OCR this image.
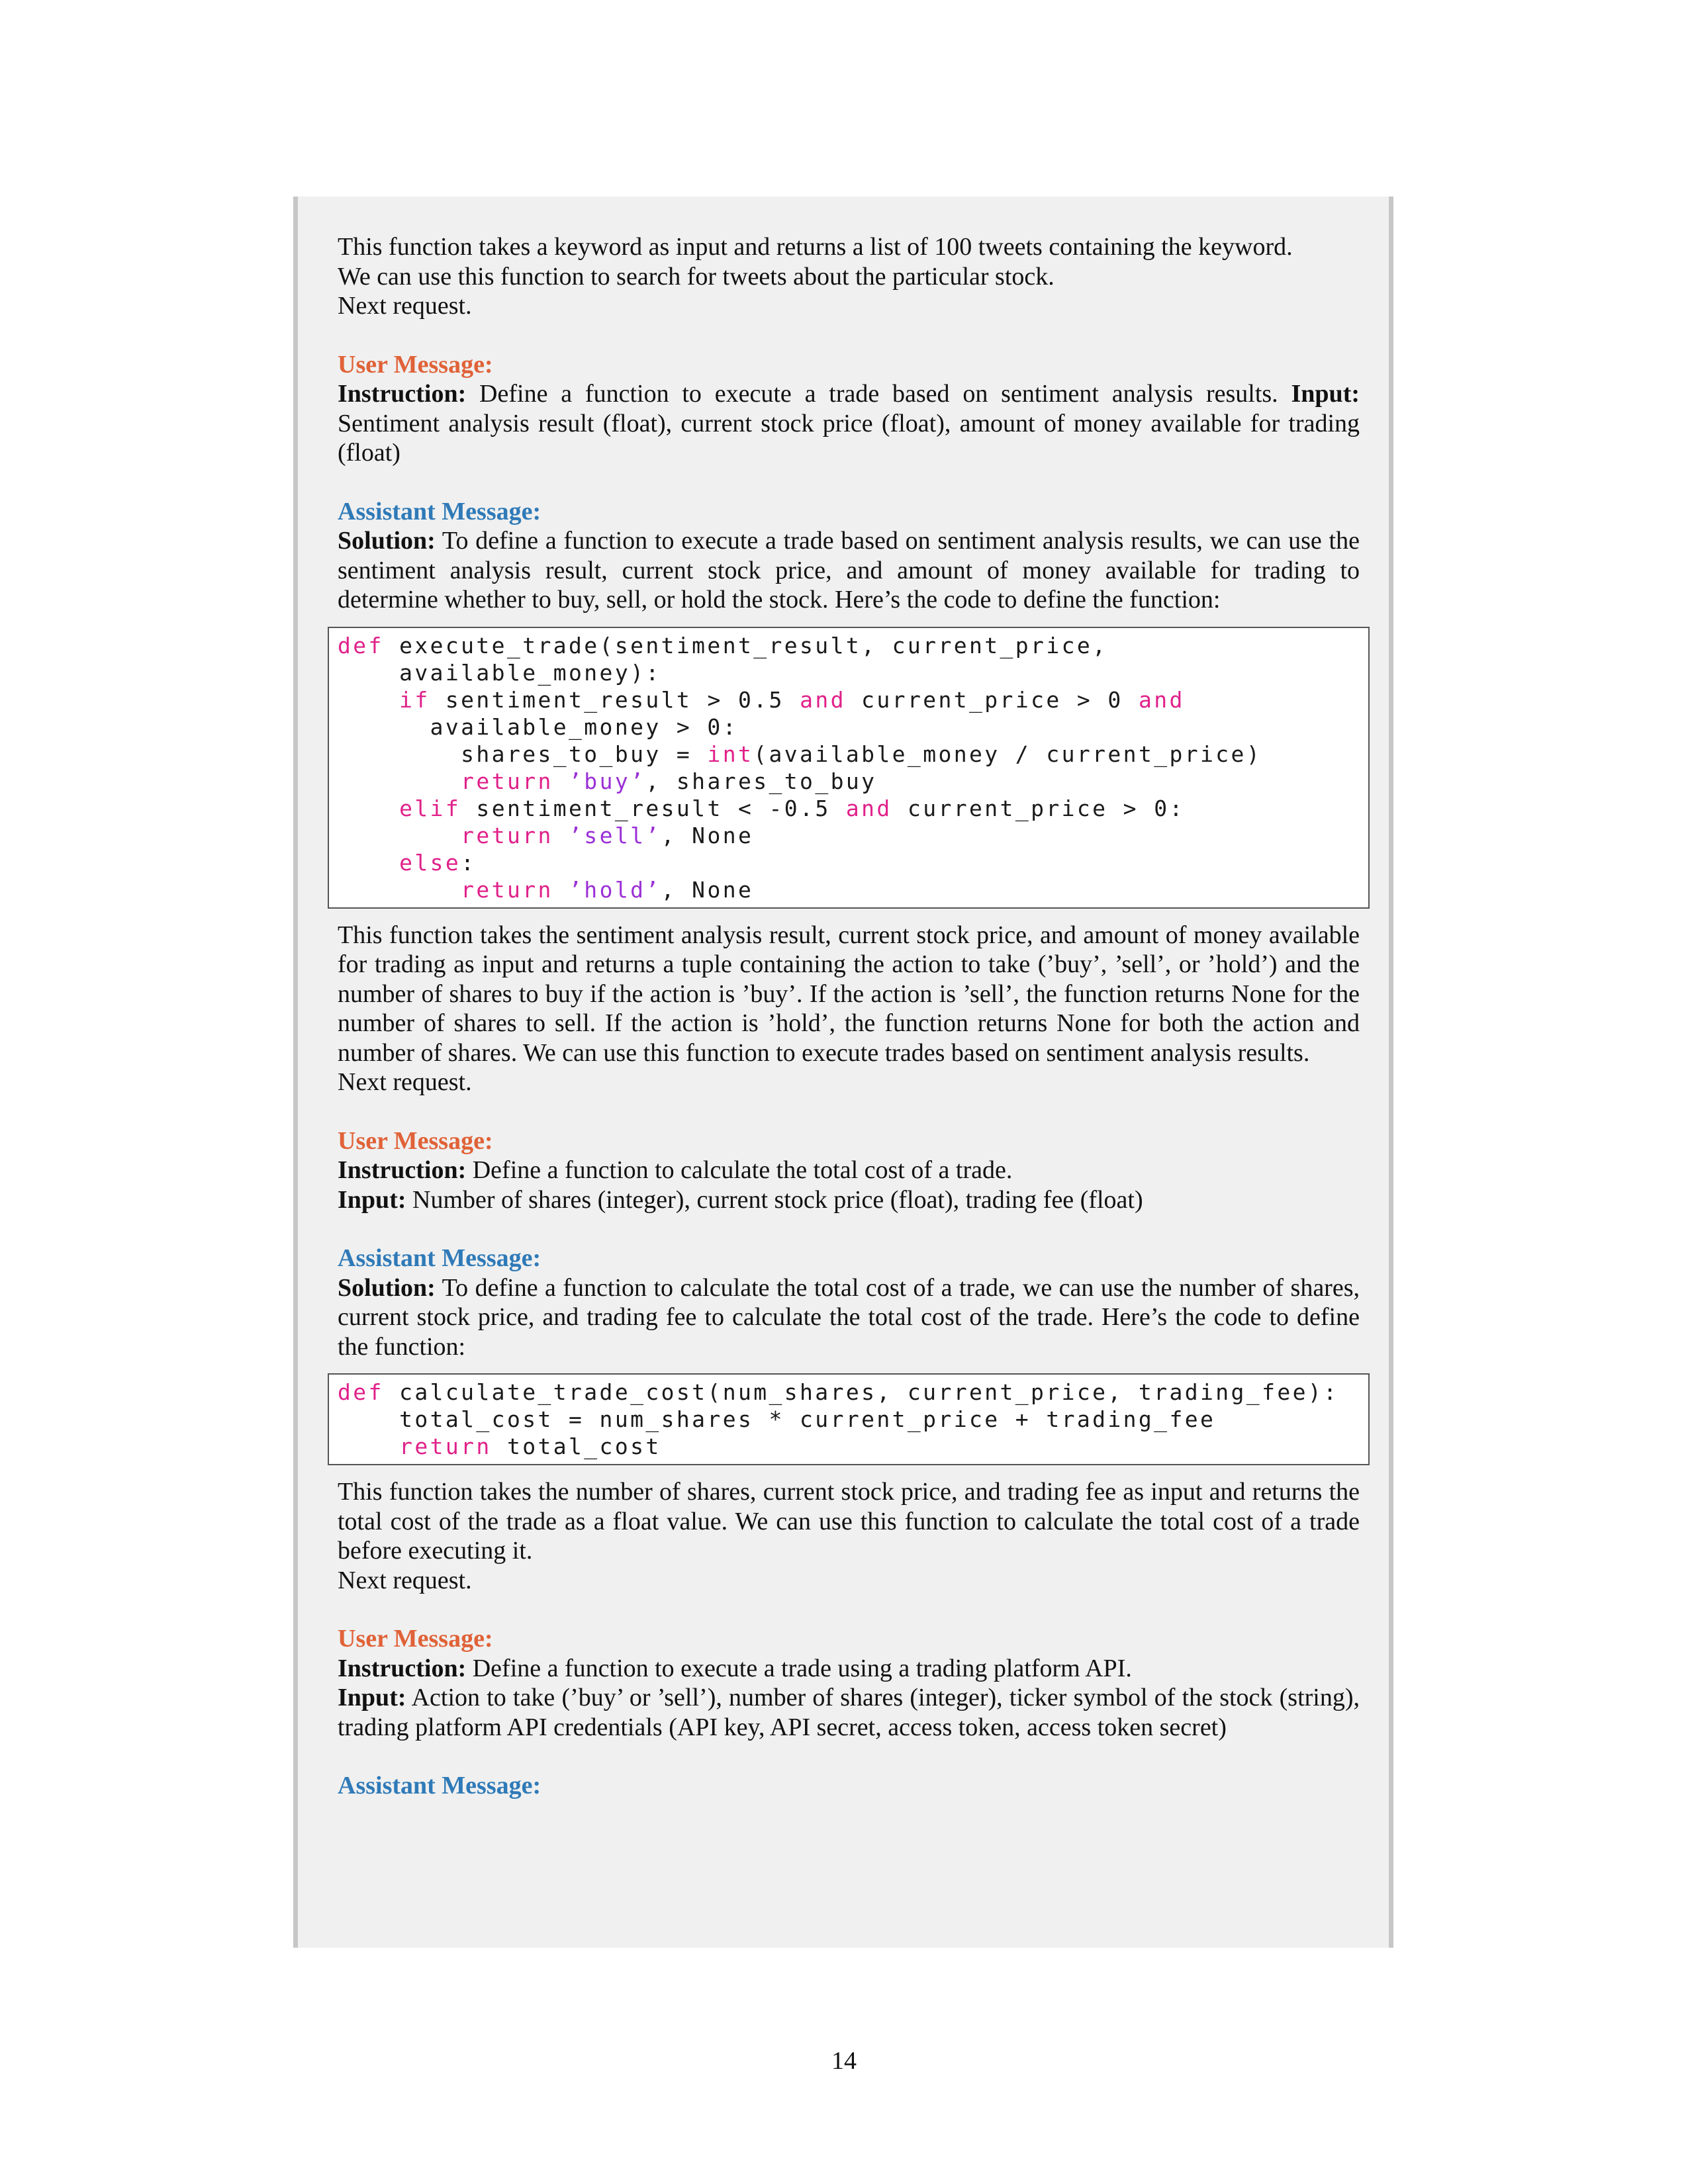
This function takes a keyword as input and returns a list of 100 tweets containing the keyword.

We can use this function to search for tweets about the particular stock.

Next request.

User Message:

Instruction: Define a function to execute a trade based on sentiment analysis results. Input: Sentiment analysis result (float), current stock price (float), amount of money available for trading (float)

Assistant Message:

Solution: To define a function to execute a trade based on sentiment analysis results, we can use the sentiment analysis result, current stock price, and amount of money available for trading to determine whether to buy, sell, or hold the stock. Here’s the code to define the function:

def execute_trade(sentiment_result, current_price,
available_money):
if sentiment_result > 0.5 and current_price > 0 and
available_money > 0:
shares_to_buy = int(available_money / current_price)
return ’buy’, shares_to_buy
elif sentiment_result < -0.5 and current_price > 0:
return ’sell’, None
else:
return ’hold’, None

This function takes the sentiment analysis result, current stock price, and amount of money available for trading as input and returns a tuple containing the action to take (’buy’, ’sell’, or ’hold’) and the number of shares to buy if the action is ’buy’. If the action is ’sell’, the function returns None for the number of shares to sell. If the action is ’hold’, the function returns None for both the action and number of shares. We can use this function to execute trades based on sentiment analysis results.

Next request.

User Message:

Instruction: Define a function to calculate the total cost of a trade.

Input: Number of shares (integer), current stock price (float), trading fee (float)

Assistant Message:

Solution: To define a function to calculate the total cost of a trade, we can use the number of shares, current stock price, and trading fee to calculate the total cost of the trade. Here’s the code to define the function:

def calculate_trade_cost(num_shares, current_price, trading_fee):
total_cost = num_shares * current_price + trading_fee
return total_cost

This function takes the number of shares, current stock price, and trading fee as input and returns the total cost of the trade as a float value. We can use this function to calculate the total cost of a trade before executing it.

Next request.

User Message:

Instruction: Define a function to execute a trade using a trading platform API.

Input: Action to take (’buy’ or ’sell’), number of shares (integer), ticker symbol of the stock (string), trading platform API credentials (API key, API secret, access token, access token secret)

Assistant Message:
14
